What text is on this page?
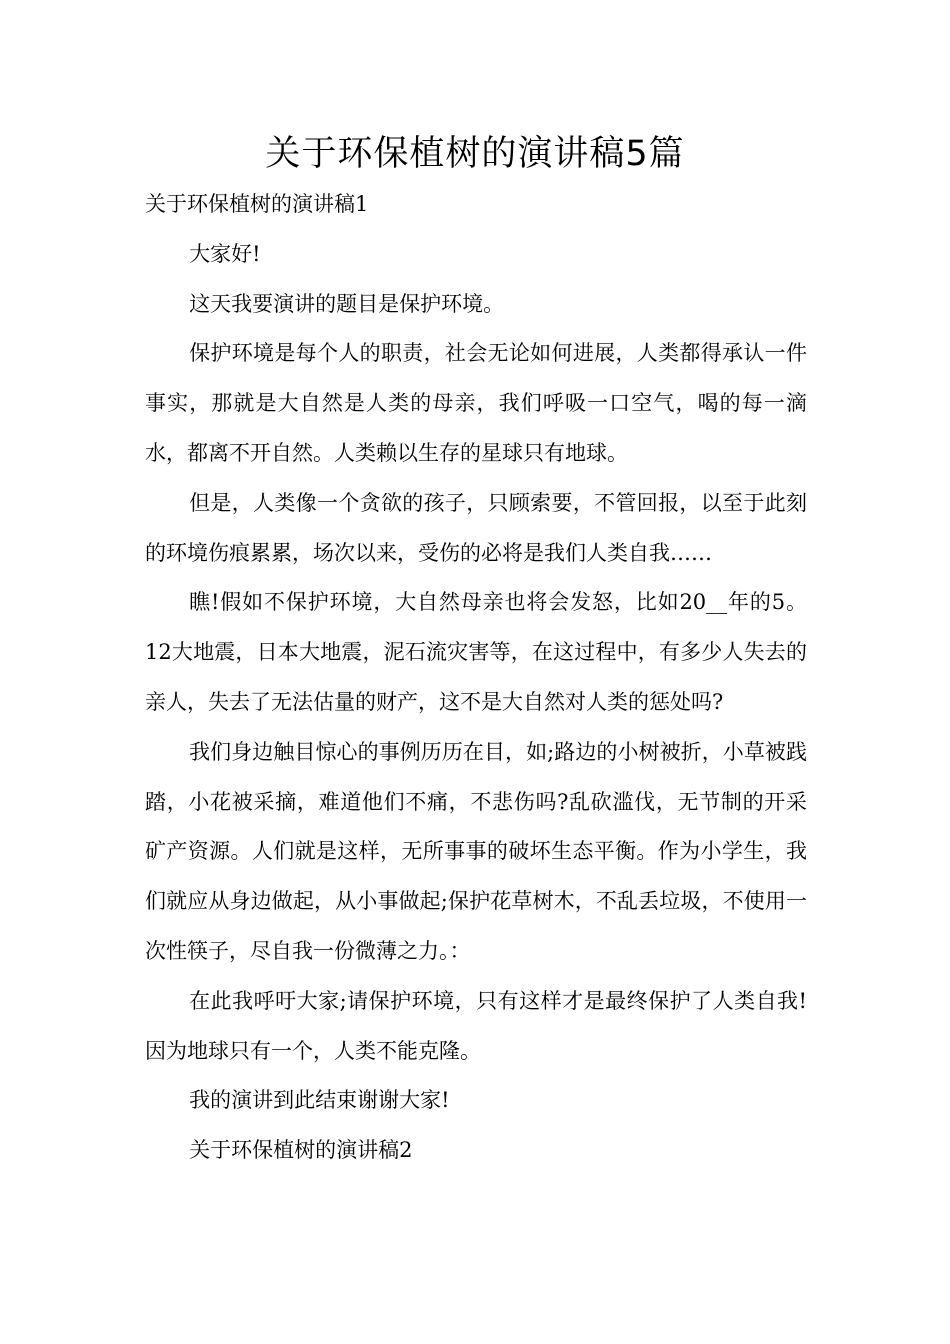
关于环保植树的演讲稿5篇

关于环保植树的演讲稿1

大家好!

这天我要演讲的题目是保护环境。

保护环境是每个人的职责，社会无论如何进展，人类都得承认一件事实，那就是大自然是人类的母亲，我们呼吸一口空气，喝的每一滴水，都离不开自然。人类赖以生存的星球只有地球。

但是，人类像一个贪欲的孩子，只顾索要，不管回报，以至于此刻的环境伤痕累累，场次以来，受伤的必将是我们人类自我……

瞧!假如不保护环境，大自然母亲也将会发怒，比如20__年的5。12大地震，日本大地震，泥石流灾害等，在这过程中，有多少人失去的亲人，失去了无法估量的财产，这不是大自然对人类的惩处吗?

我们身边触目惊心的事例历历在目，如;路边的小树被折，小草被践踏，小花被采摘，难道他们不痛，不悲伤吗?乱砍滥伐，无节制的开采矿产资源。人们就是这样，无所事事的破坏生态平衡。作为小学生，我们就应从身边做起，从小事做起;保护花草树木，不乱丢垃圾，不使用一次性筷子，尽自我一份微薄之力。：

在此我呼吁大家;请保护环境，只有这样才是最终保护了人类自我!因为地球只有一个，人类不能克隆。

我的演讲到此结束谢谢大家!

关于环保植树的演讲稿2
